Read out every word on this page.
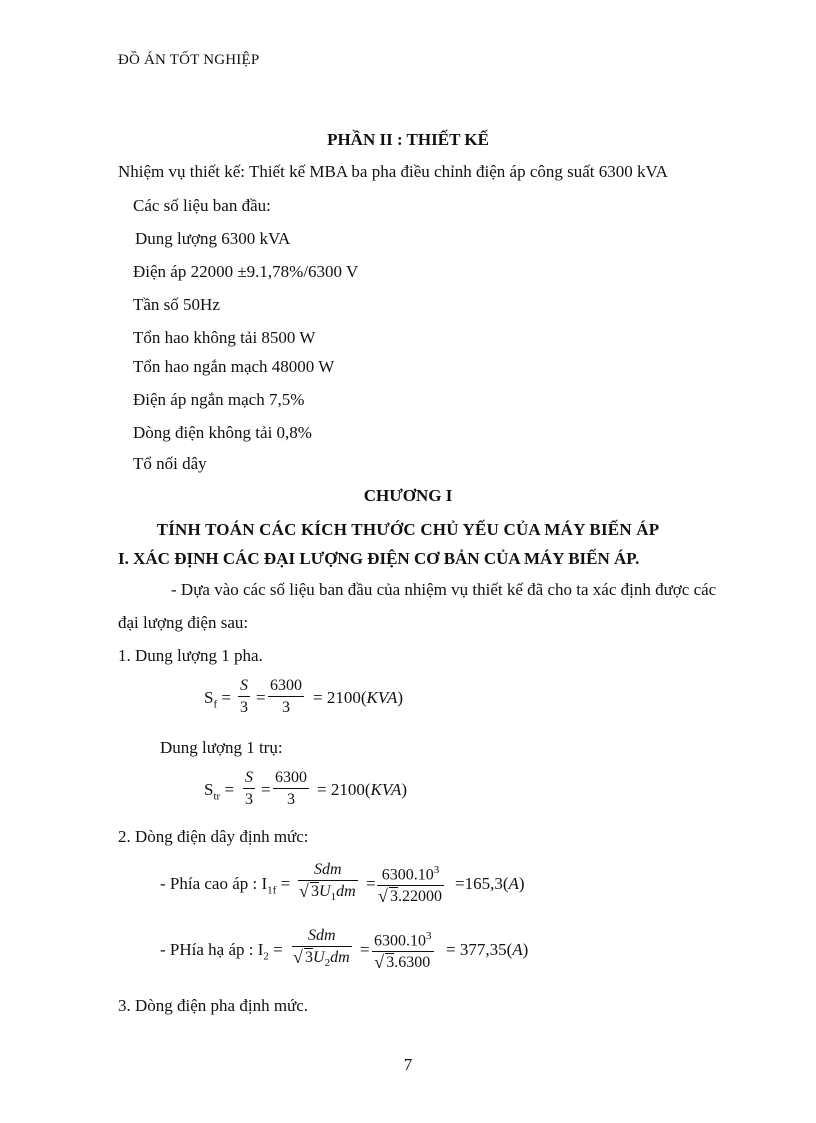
ĐỒ ÁN TỐT NGHIỆP
PHẦN II : THIẾT KẾ
Nhiệm vụ thiết kế: Thiết kế MBA ba pha điều chỉnh điện áp công suất 6300 kVA
Các số liệu ban đầu:
Dung lượng 6300 kVA
Điện áp 22000 ±9.1,78%/6300 V
Tần số 50Hz
Tổn hao không tải 8500 W
Tổn hao ngắn mạch 48000 W
Điện áp ngắn mạch 7,5%
Dòng điện không tải 0,8%
Tổ nối dây
CHƯƠNG I
TÍNH TOÁN CÁC KÍCH THƯỚC CHỦ YẾU CỦA MÁY BIẾN ÁP
I. XÁC ĐỊNH CÁC ĐẠI LƯỢNG ĐIỆN CƠ BẢN CỦA MÁY BIẾN ÁP.
- Dựa vào các số liệu ban đầu của nhiệm vụ thiết kế đã cho ta xác định được các
đại lượng điện sau:
1. Dung lượng 1 pha.
$S_f$ =
S
3
=
6300
3
= 2100(KVA)
Dung lượng 1 trụ:
$S_{tr}$ =
S
3
=
6300
3
= 2100(KVA)
2. Dòng điện dây định mức:
- Phía cao áp : $I_{1f}$ =
Sdm
√ $3U_1dm = 6300.10^3$
√ 3.22000
=165,3(A)
- PHía hạ áp : $I_2$ =
Sdm
√ $3U_2dm = 6300.10^3$
√ 3.6300
= 377,35(A)
3. Dòng điện pha định mức.
7
